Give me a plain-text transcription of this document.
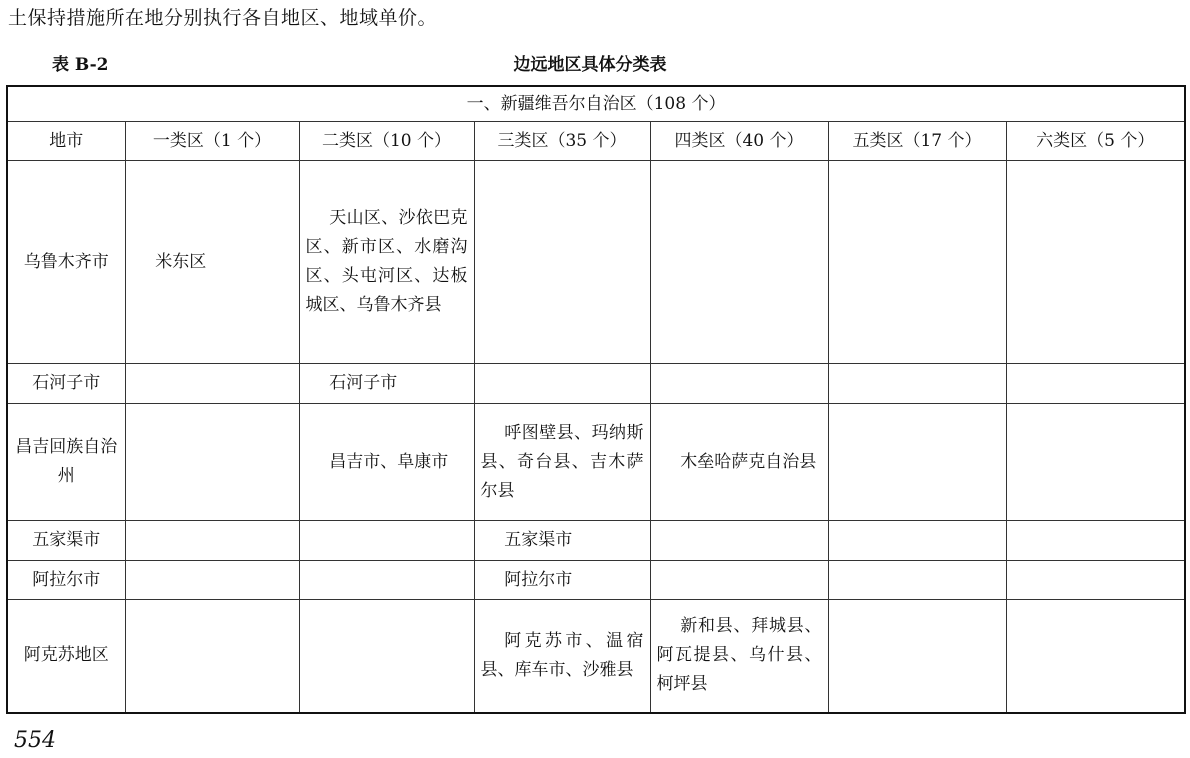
土保持措施所在地分别执行各自地区、地域单价。
表 B-2	边远地区具体分类表
一、新疆维吾尔自治区（108 个）						
地市	一类区（1 个）	二类区（10 个）	三类区（35 个）	四类区（40 个）	五类区（17 个）	六类区（5 个）
乌鲁木齐市	米东区	天山区、沙依巴克区、新市区、水磨沟区、头屯河区、达板城区、乌鲁木齐县				
石河子市		石河子市				
昌吉回族自治州		昌吉市、阜康市	呼图壁县、玛纳斯县、奇台县、吉木萨尔县	木垒哈萨克自治县		
五家渠市			五家渠市			
阿拉尔市			阿拉尔市			
阿克苏地区			阿克苏市、温宿县、库车市、沙雅县	新和县、拜城县、阿瓦提县、乌什县、柯坪县		
554
